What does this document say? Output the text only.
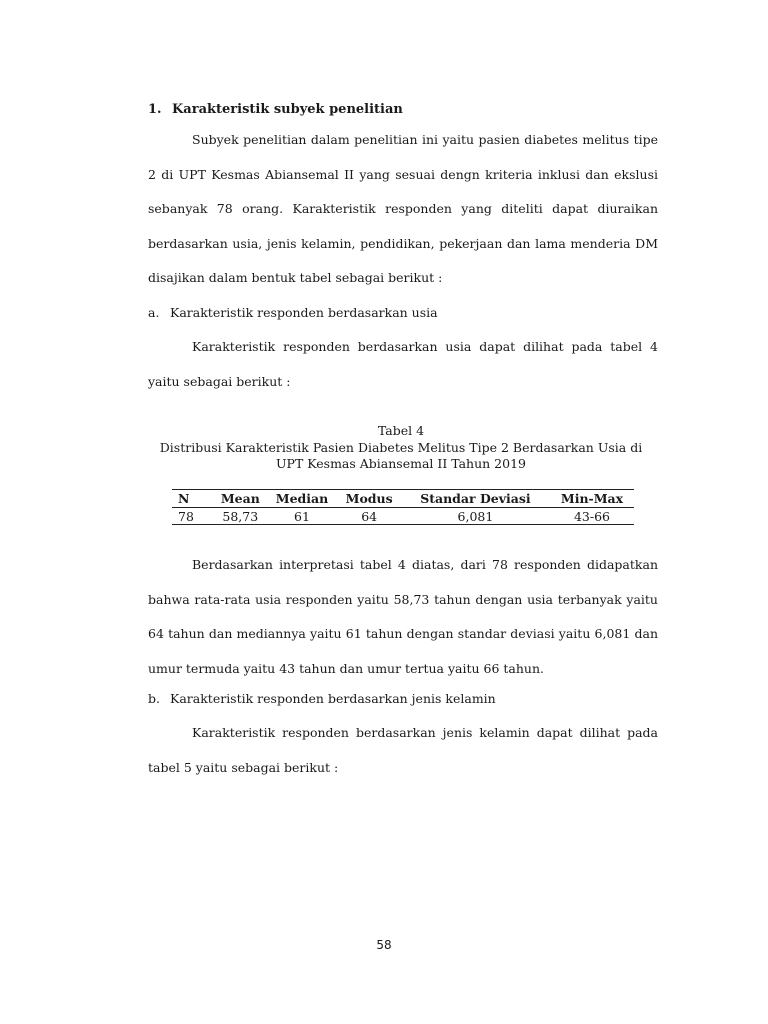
1. Karakteristik subyek penelitian

Subyek penelitian dalam penelitian ini yaitu pasien diabetes melitus tipe 2 di UPT Kesmas Abiansemal II yang sesuai dengn kriteria inklusi dan ekslusi sebanyak 78 orang. Karakteristik responden yang diteliti dapat diuraikan berdasarkan usia, jenis kelamin, pendidikan, pekerjaan dan lama menderia DM disajikan dalam bentuk tabel sebagai berikut :

a. Karakteristik responden berdasarkan usia

Karakteristik responden berdasarkan usia dapat dilihat pada tabel 4 yaitu sebagai berikut :

Tabel 4
Distribusi Karakteristik Pasien Diabetes Melitus Tipe 2 Berdasarkan Usia di
UPT Kesmas Abiansemal II Tahun 2019
N	Mean	Median	Modus	Standar Deviasi	Min-Max
78	58,73	61	64	6,081	43-66

Berdasarkan interpretasi tabel 4 diatas, dari 78 responden didapatkan bahwa rata-rata usia responden yaitu 58,73 tahun dengan usia terbanyak yaitu 64 tahun dan mediannya yaitu 61 tahun dengan standar deviasi yaitu 6,081 dan umur termuda yaitu 43 tahun dan umur tertua yaitu 66 tahun.

b. Karakteristik responden berdasarkan jenis kelamin

Karakteristik responden berdasarkan jenis kelamin dapat dilihat pada tabel 5 yaitu sebagai berikut :

58
